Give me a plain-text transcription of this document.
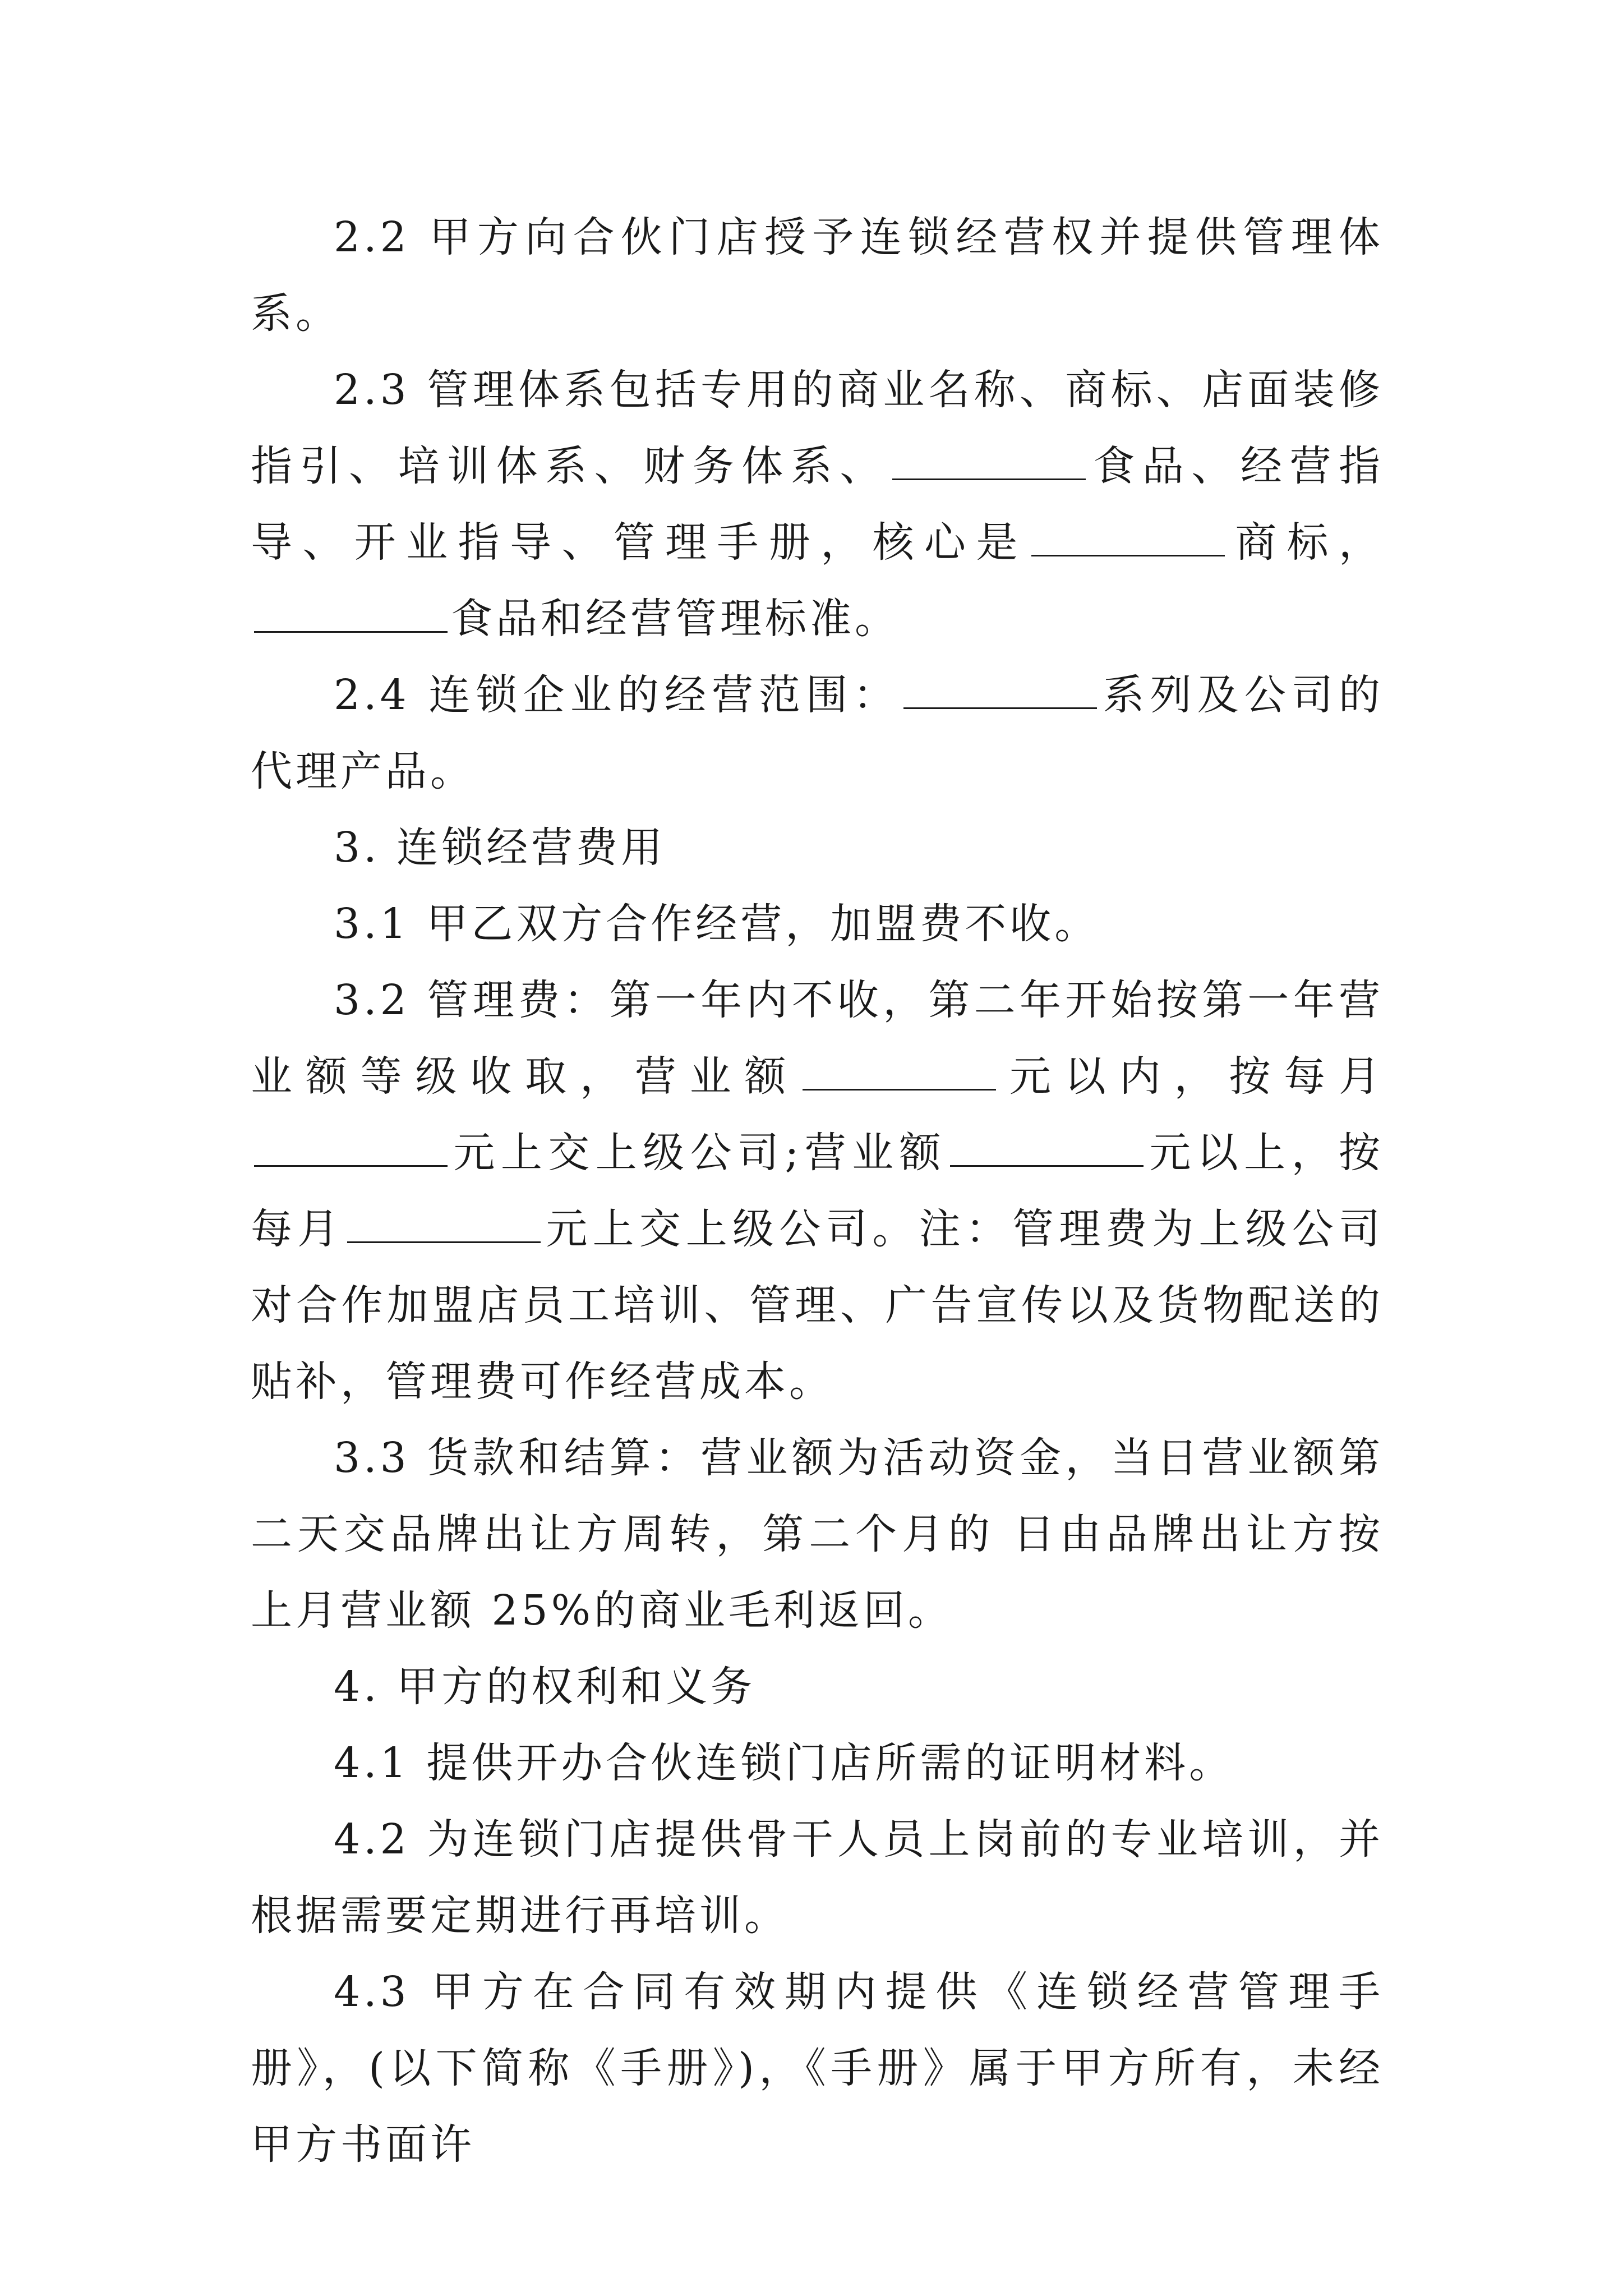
2.2 甲方向合伙门店授予连锁经营权并提供管理体系。

2.3 管理体系包括专用的商业名称、商标、店面装修指引、培训体系、财务体系、	食品、经营指导、开业指导、管理手册，核心是	商标，食品和经营管理标准。

2.4 连锁企业的经营范围：	系列及公司的代理产品。

3. 连锁经营费用

3.1 甲乙双方合作经营，加盟费不收。

3.2 管理费：第一年内不收，第二年开始按第一年营业额等级收取，营业额	元以内，按每月元上交上级公司;营业额	元以上，按每月	元上交上级公司。注：管理费为上级公司对合作加盟店员工培训、管理、广告宣传以及货物配送的贴补，管理费可作经营成本。

3.3 货款和结算：营业额为活动资金，当日营业额第二天交品牌出让方周转，第二个月的 日由品牌出让方按上月营业额 25%的商业毛利返回。

4. 甲方的权利和义务

4.1 提供开办合伙连锁门店所需的证明材料。

4.2 为连锁门店提供骨干人员上岗前的专业培训，并根据需要定期进行再培训。

4.3 甲方在合同有效期内提供《连锁经营管理手册》，(以下简称《手册》)，《手册》属于甲方所有，未经甲方书面许
